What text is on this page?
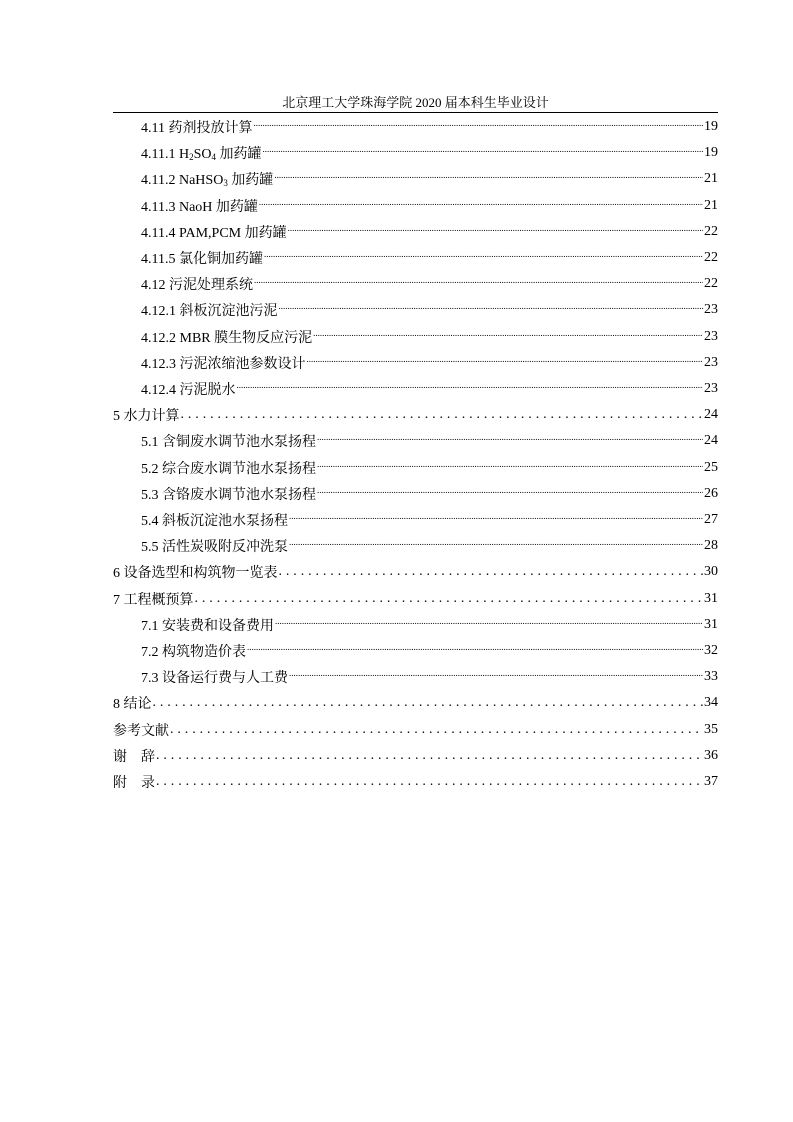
北京理工大学珠海学院 2020 届本科生毕业设计
4.11 药剂投放计算 .....	19
4.11.1 $H_2SO_4$ 加药罐 .....	19
4.11.2 NaHSO$_3$ 加药罐 .....	21
4.11.3 NaoH 加药罐 .....	21
4.11.4 PAM,PCM 加药罐 .....	22
4.11.5 氯化铜加药罐 .....	22
4.12 污泥处理系统 .....	22
4.12.1 斜板沉淀池污泥 .....	23
4.12.2 MBR 膜生物反应污泥 .....	23
4.12.3 污泥浓缩池参数设计 .....	23
4.12.4 污泥脱水 .....	23
5 水力计算 . . .	24
5.1 含铜废水调节池水泵扬程 .....	24
5.2 综合废水调节池水泵扬程 .....	25
5.3 含铬废水调节池水泵扬程 .....	26
5.4 斜板沉淀池水泵扬程 .....	27
5.5 活性炭吸附反冲洗泵 .....	28
6 设备选型和构筑物一览表 . . .	30
7 工程概预算 . . .	31
7.1 安装费和设备费用 .....	31
7.2 构筑物造价表 .....	32
7.3 设备运行费与人工费 .....	33
8 结论 . . .	34
参考文献 . . .	35
谢　辞 . . .	36
附　录 . . .	37
